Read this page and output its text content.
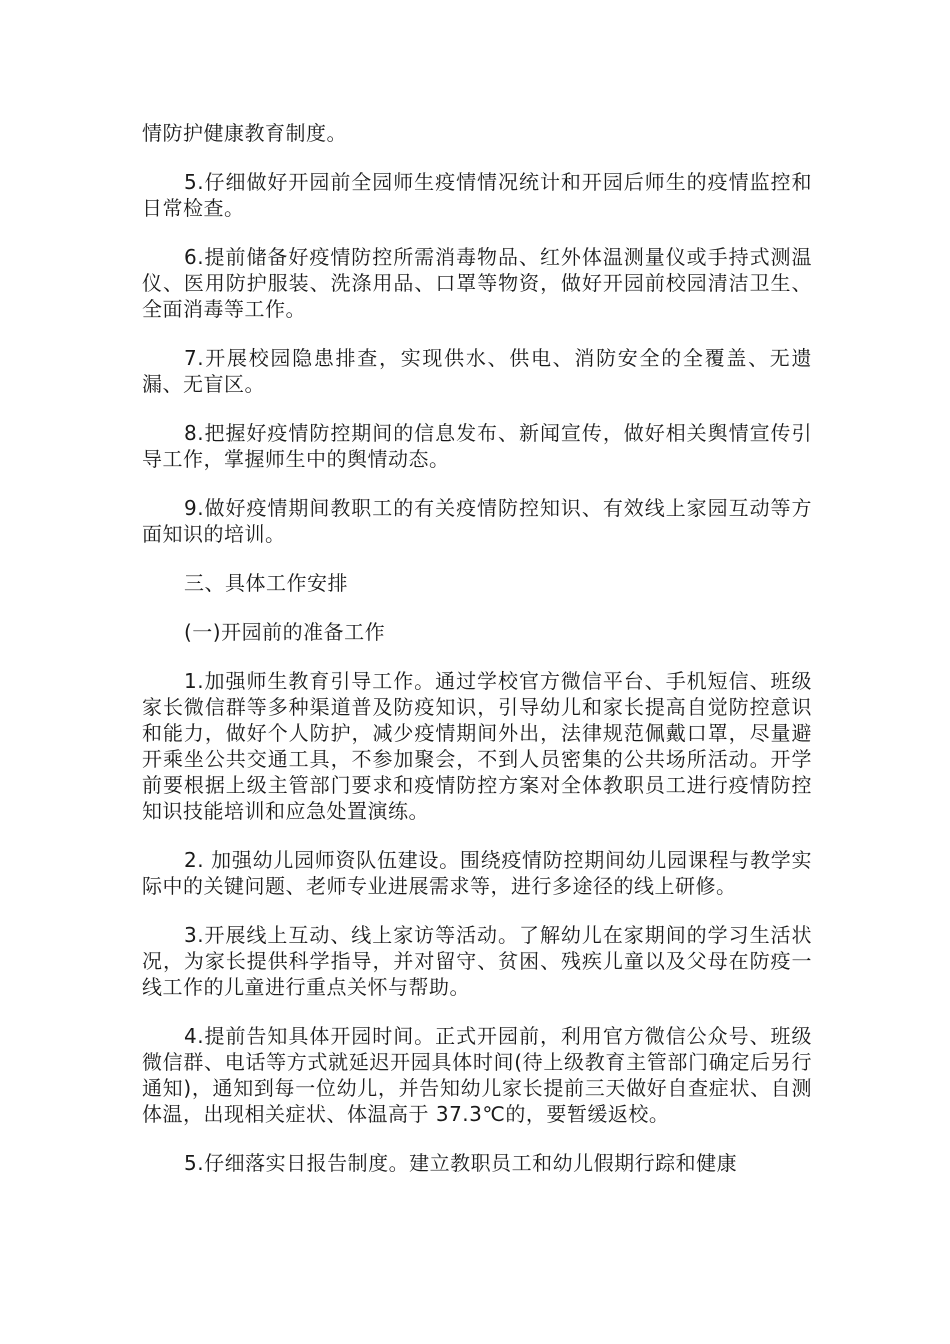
情防护健康教育制度。

5.仔细做好开园前全园师生疫情情况统计和开园后师生的疫情监控和日常检查。

6.提前储备好疫情防控所需消毒物品、红外体温测量仪或手持式测温仪、医用防护服装、洗涤用品、口罩等物资，做好开园前校园清洁卫生、全面消毒等工作。

7.开展校园隐患排查，实现供水、供电、消防安全的全覆盖、无遗漏、无盲区。

8.把握好疫情防控期间的信息发布、新闻宣传，做好相关舆情宣传引导工作，掌握师生中的舆情动态。

9.做好疫情期间教职工的有关疫情防控知识、有效线上家园互动等方面知识的培训。

三、具体工作安排

(一)开园前的准备工作

1.加强师生教育引导工作。通过学校官方微信平台、手机短信、班级家长微信群等多种渠道普及防疫知识，引导幼儿和家长提高自觉防控意识和能力，做好个人防护，减少疫情期间外出，法律规范佩戴口罩，尽量避开乘坐公共交通工具，不参加聚会，不到人员密集的公共场所活动。开学前要根据上级主管部门要求和疫情防控方案对全体教职员工进行疫情防控知识技能培训和应急处置演练。

2. 加强幼儿园师资队伍建设。围绕疫情防控期间幼儿园课程与教学实际中的关键问题、老师专业进展需求等，进行多途径的线上研修。

3.开展线上互动、线上家访等活动。了解幼儿在家期间的学习生活状况，为家长提供科学指导，并对留守、贫困、残疾儿童以及父母在防疫一线工作的儿童进行重点关怀与帮助。

4.提前告知具体开园时间。正式开园前，利用官方微信公众号、班级微信群、电话等方式就延迟开园具体时间(待上级教育主管部门确定后另行通知)，通知到每一位幼儿，并告知幼儿家长提前三天做好自查症状、自测体温，出现相关症状、体温高于 37.3℃的，要暂缓返校。

5.仔细落实日报告制度。建立教职员工和幼儿假期行踪和健康
